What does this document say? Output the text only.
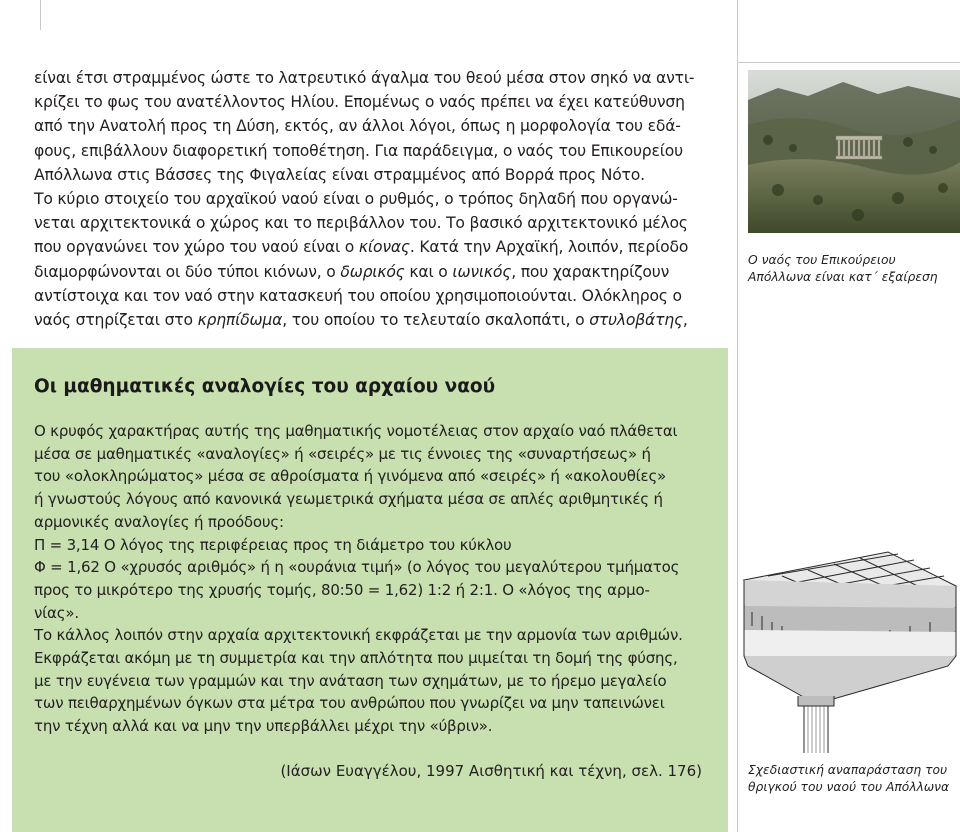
είναι έτσι στραμμένος ώστε το λατρευτικό άγαλμα του θεού μέσα στον σηκό να αντι-

κρίζει το φως του ανατέλλοντος Ηλίου. Επομένως ο ναός πρέπει να έχει κατεύθυνση

από την Ανατολή προς τη Δύση, εκτός, αν άλλοι λόγοι, όπως η μορφολογία του εδά-

φους, επιβάλλουν διαφορετική τοποθέτηση. Για παράδειγμα, ο ναός του Επικουρείου

Απόλλωνα στις Βάσσες της Φιγαλείας είναι στραμμένος από Βορρά προς Νότο.

Το κύριο στοιχείο του αρχαϊκού ναού είναι ο ρυθμός, ο τρόπος δηλαδή που οργανώ-

νεται αρχιτεκτονικά ο χώρος και το περιβάλλον του. Το βασικό αρχιτεκτονικό μέλος

που οργανώνει τον χώρο του ναού είναι ο κίονας. Κατά την Αρχαϊκή, λοιπόν, περίοδο

διαμορφώνονται οι δύο τύποι κιόνων, ο δωρικός και ο ιωνικός, που χαρακτηρίζουν

αντίστοιχα και τον ναό στην κατασκευή του οποίου χρησιμοποιούνται. Ολόκληρος ο

ναός στηρίζεται στο κρηπίδωμα, του οποίου το τελευταίο σκαλοπάτι, ο στυλοβάτης,

Οι μαθηματικές αναλογίες του αρχαίου ναού

Ο κρυφός χαρακτήρας αυτής της μαθηματικής νομοτέλειας στον αρχαίο ναό πλάθεται

μέσα σε μαθηματικές «αναλογίες» ή «σειρές» με τις έννοιες της «συναρτήσεως» ή

του «ολοκληρώματος» μέσα σε αθροίσματα ή γινόμενα από «σειρές» ή «ακολουθίες»

ή γνωστούς λόγους από κανονικά γεωμετρικά σχήματα μέσα σε απλές αριθμητικές ή

αρμονικές αναλογίες ή προόδους:

Π = 3,14 Ο λόγος της περιφέρειας προς τη διάμετρο του κύκλου

Φ = 1,62 Ο «χρυσός αριθμός» ή η «ουράνια τιμή» (ο λόγος του μεγαλύτερου τμήματος

προς το μικρότερο της χρυσής τομής, 80:50 = 1,62) 1:2 ή 2:1. Ο «λόγος της αρμο-

νίας».

Το κάλλος λοιπόν στην αρχαία αρχιτεκτονική εκφράζεται με την αρμονία των αριθμών.

Εκφράζεται ακόμη με τη συμμετρία και την απλότητα που μιμείται τη δομή της φύσης,

με την ευγένεια των γραμμών και την ανάταση των σχημάτων, με το ήρεμο μεγαλείο

των πειθαρχημένων όγκων στα μέτρα του ανθρώπου που γνωρίζει να μην ταπεινώνει

την τέχνη αλλά και να μην την υπερβάλλει μέχρι την «ύβριν».

(Ιάσων Ευαγγέλου, 1997 Αισθητική και τέχνη, σελ. 176)
Ο ναός του Επικούρειου Απόλλωνα είναι κατ΄ εξαίρεση
Σχεδιαστική αναπαράσταση του θριγκού του ναού του Απόλλωνα
